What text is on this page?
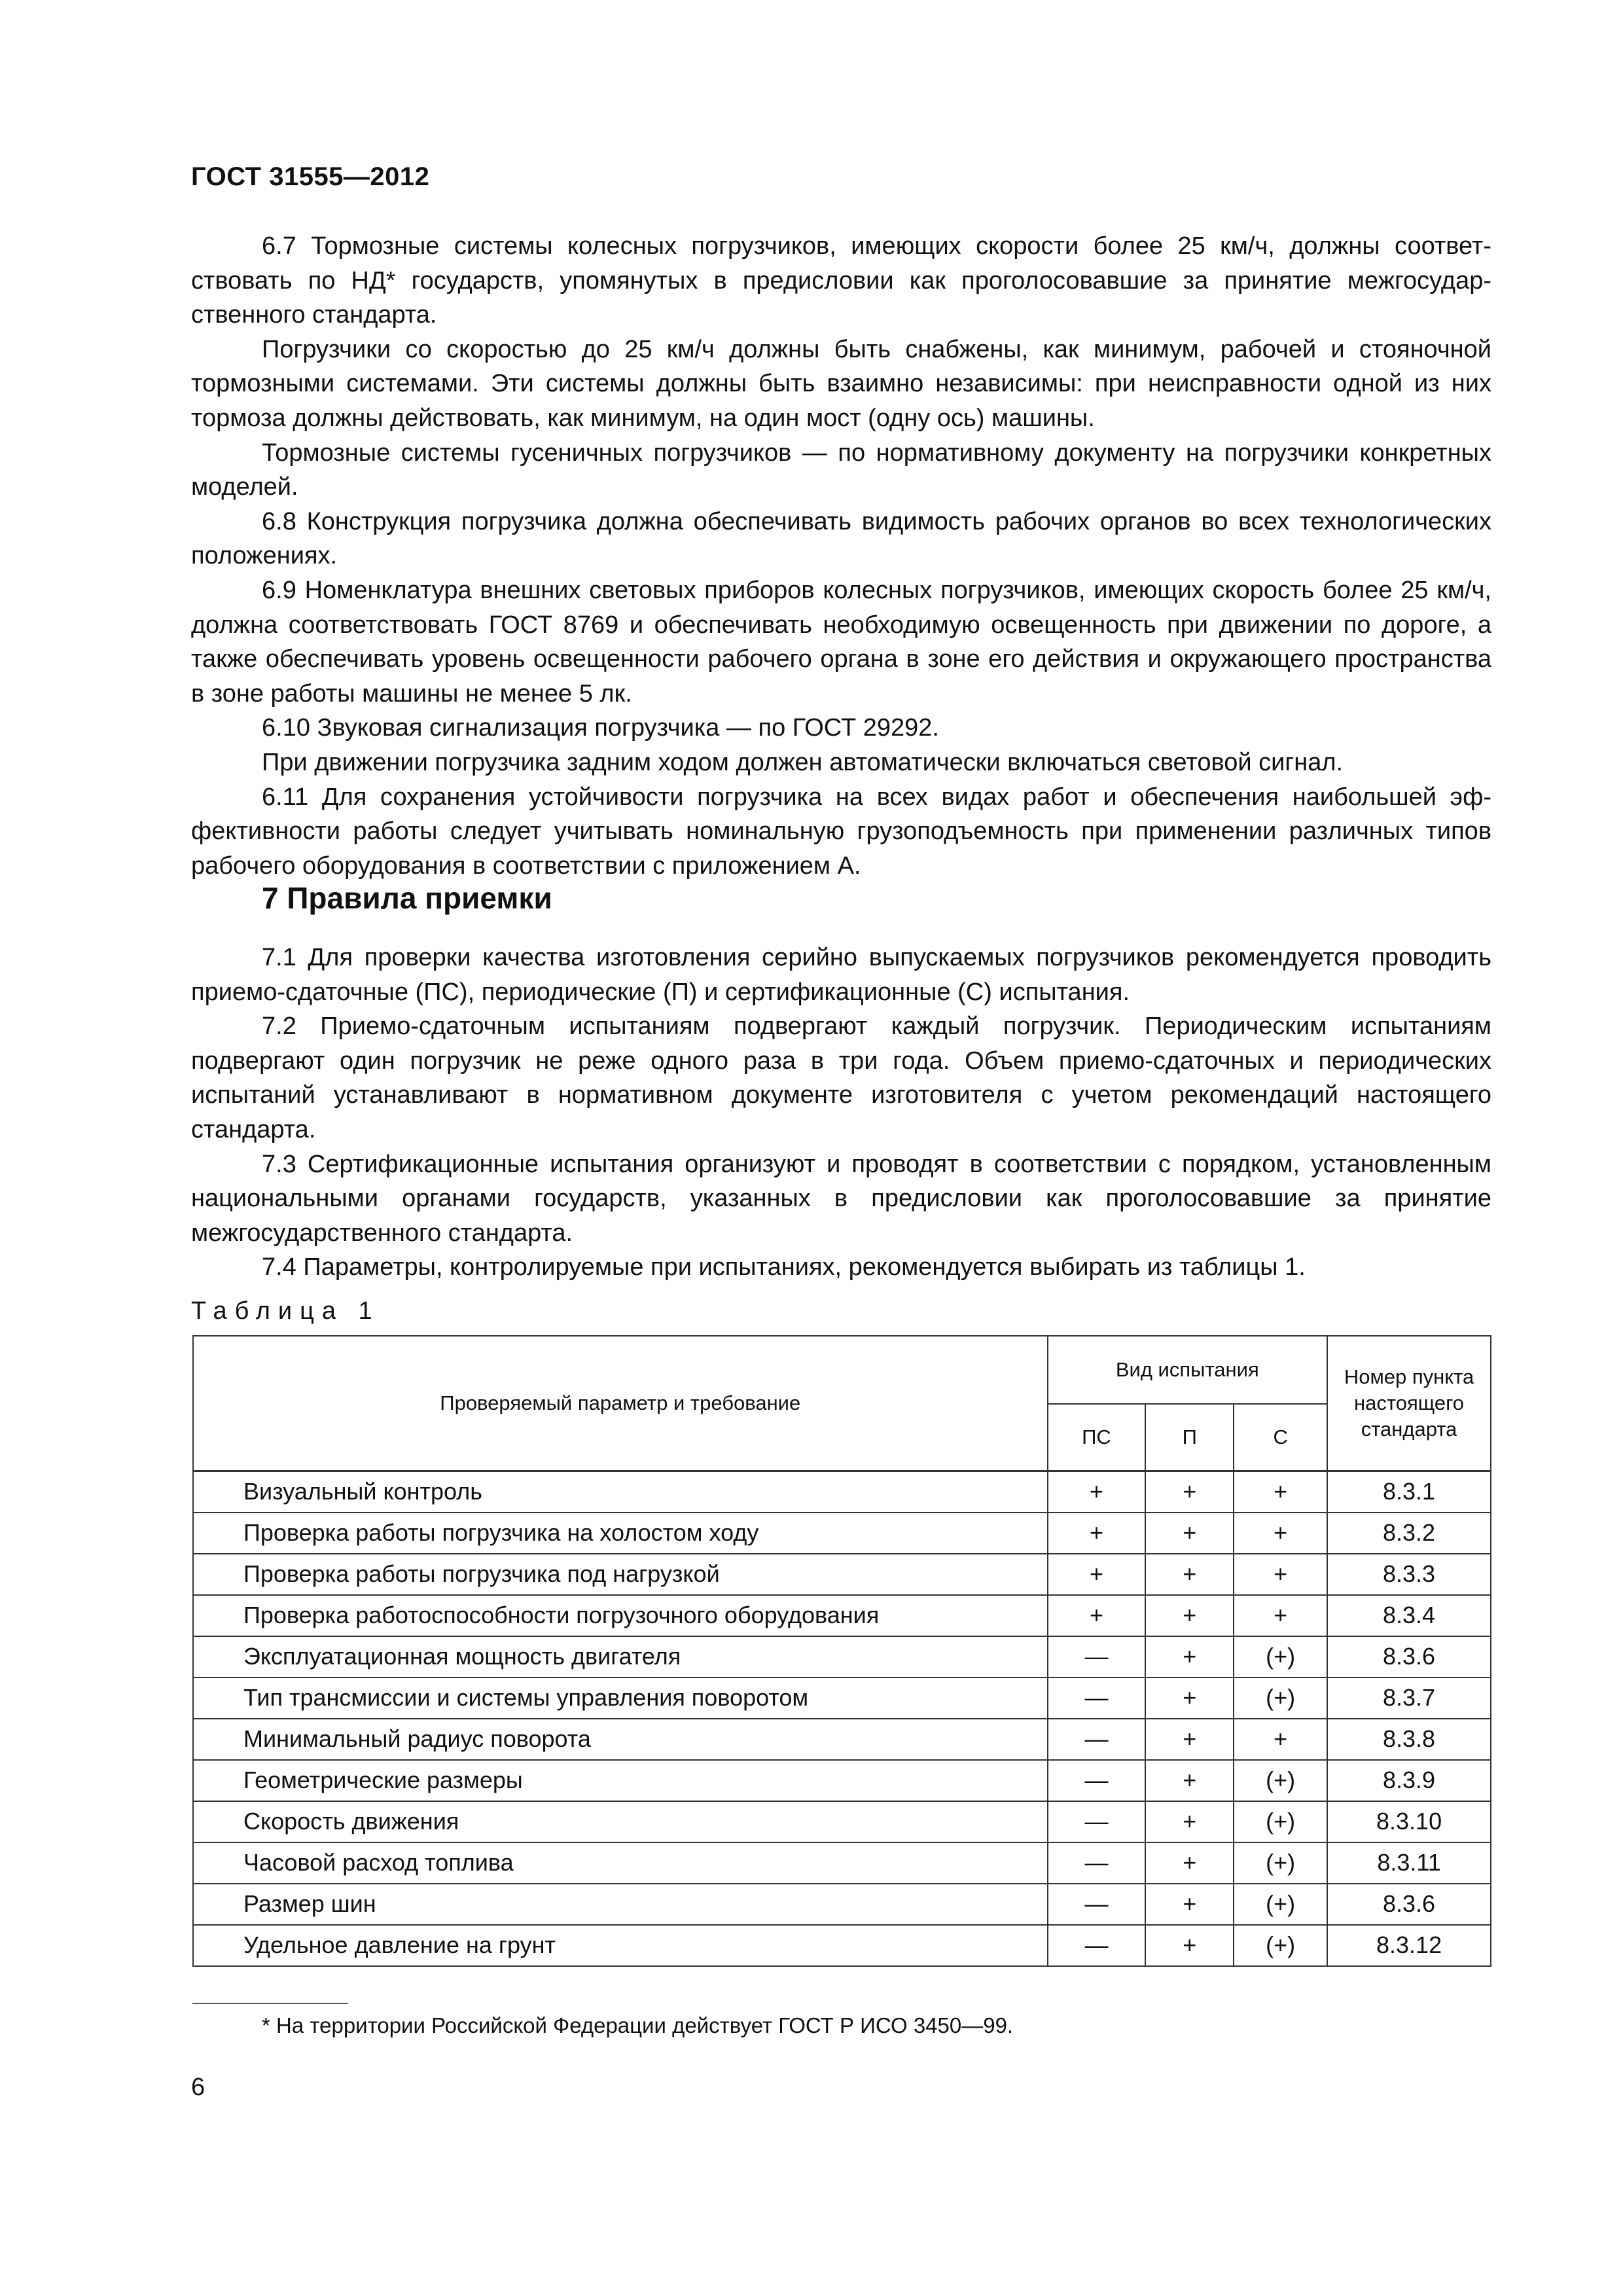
ГОСТ 31555—2012

6.7 Тормозные системы колесных погрузчиков, имеющих скорости более 25 км/ч, должны соответствовать по НД* государств, упомянутых в предисловии как проголосовавшие за принятие межгосударственного стандарта.

Погрузчики со скоростью до 25 км/ч должны быть снабжены, как минимум, рабочей и стояночной тормозными системами. Эти системы должны быть взаимно независимы: при неисправности одной из них тормоза должны действовать, как минимум, на один мост (одну ось) машины.

Тормозные системы гусеничных погрузчиков — по нормативному документу на погрузчики конкретных моделей.

6.8 Конструкция погрузчика должна обеспечивать видимость рабочих органов во всех технологических положениях.

6.9 Номенклатура внешних световых приборов колесных погрузчиков, имеющих скорость более 25 км/ч, должна соответствовать ГОСТ 8769 и обеспечивать необходимую освещенность при движении по дороге, а также обеспечивать уровень освещенности рабочего органа в зоне его действия и окружающего пространства в зоне работы машины не менее 5 лк.

6.10 Звуковая сигнализация погрузчика — по ГОСТ 29292.

При движении погрузчика задним ходом должен автоматически включаться световой сигнал.

6.11 Для сохранения устойчивости погрузчика на всех видах работ и обеспечения наибольшей эффективности работы следует учитывать номинальную грузоподъемность при применении различных типов рабочего оборудования в соответствии с приложением А.

7 Правила приемки

7.1 Для проверки качества изготовления серийно выпускаемых погрузчиков рекомендуется проводить приемо-сдаточные (ПС), периодические (П) и сертификационные (С) испытания.

7.2 Приемо-сдаточным испытаниям подвергают каждый погрузчик. Периодическим испытаниям подвергают один погрузчик не реже одного раза в три года. Объем приемо-сдаточных и периодических испытаний устанавливают в нормативном документе изготовителя с учетом рекомендаций настоящего стандарта.

7.3 Сертификационные испытания организуют и проводят в соответствии с порядком, установленным национальными органами государств, указанных в предисловии как проголосовавшие за принятие межгосударственного стандарта.

7.4 Параметры, контролируемые при испытаниях, рекомендуется выбирать из таблицы 1.

Таблица 1
Проверяемый параметр и требование	Вид испытания			Номер пункта настоящего стандарта
	ПС	П	С	
Визуальный контроль	+	+	+	8.3.1
Проверка работы погрузчика на холостом ходу	+	+	+	8.3.2
Проверка работы погрузчика под нагрузкой	+	+	+	8.3.3
Проверка работоспособности погрузочного оборудования	+	+	+	8.3.4
Эксплуатационная мощность двигателя	—	+	(+)	8.3.6
Тип трансмиссии и системы управления поворотом	—	+	(+)	8.3.7
Минимальный радиус поворота	—	+	+	8.3.8
Геометрические размеры	—	+	(+)	8.3.9
Скорость движения	—	+	(+)	8.3.10
Часовой расход топлива	—	+	(+)	8.3.11
Размер шин	—	+	(+)	8.3.6
Удельное давление на грунт	—	+	(+)	8.3.12
* На территории Российской Федерации действует ГОСТ Р ИСО 3450—99.
6
